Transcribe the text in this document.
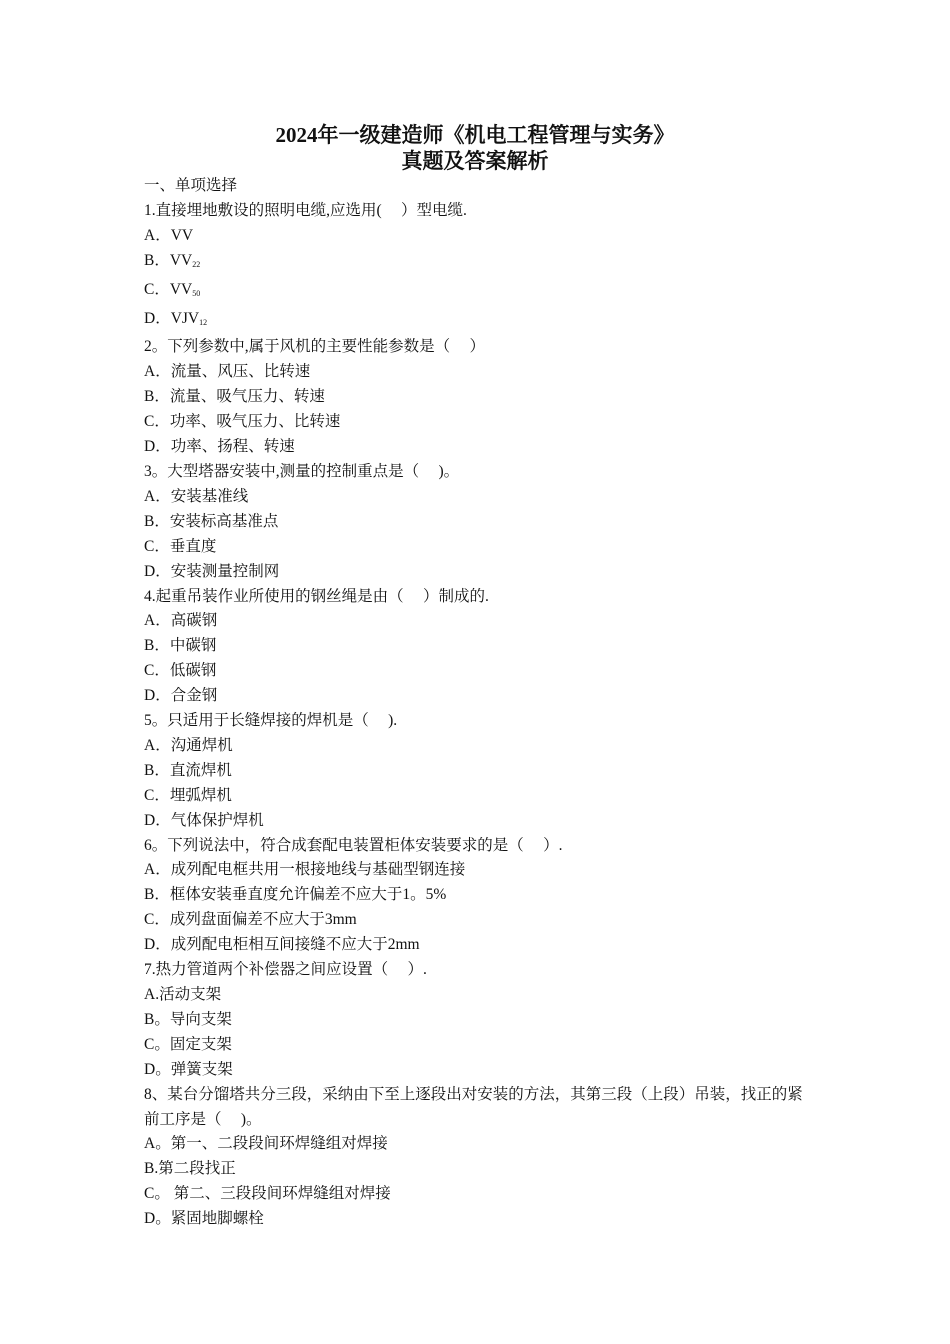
2024年一级建造师《机电工程管理与实务》
真题及答案解析
一、单项选择
1.直接埋地敷设的照明电缆,应选用(　 ）型电缆.
A．VV
B．$VV_{22}$
C．$VV_{50}$
D．$VJV_{12}$
2。下列参数中,属于风机的主要性能参数是（　 ）
A．流量、风压、比转速
B．流量、吸气压力、转速
C．功率、吸气压力、比转速
D．功率、扬程、转速
3。大型塔器安装中,测量的控制重点是（　 )。
A．安装基准线
B．安装标高基准点
C．垂直度
D．安装测量控制网
4.起重吊装作业所使用的钢丝绳是由（　 ）制成的.
A．高碳钢
B．中碳钢
C．低碳钢
D．合金钢
5。只适用于长缝焊接的焊机是（　 ).
A．沟通焊机
B．直流焊机
C．埋弧焊机
D．气体保护焊机
6。下列说法中，符合成套配电装置柜体安装要求的是（　 ）.
A．成列配电框共用一根接地线与基础型钢连接
B．框体安装垂直度允许偏差不应大于1。5%
C．成列盘面偏差不应大于3mm
D．成列配电柜相互间接缝不应大于2mm
7.热力管道两个补偿器之间应设置（　 ）.
A.活动支架
B。导向支架
C。固定支架
D。弹簧支架
8、某台分馏塔共分三段，采纳由下至上逐段出对安装的方法，其第三段（上段）吊装，找正的紧前工序是（　 )。
A。第一、二段段间环焊缝组对焊接
B.第二段找正
C。 第二、三段段间环焊缝组对焊接
D。紧固地脚螺栓
